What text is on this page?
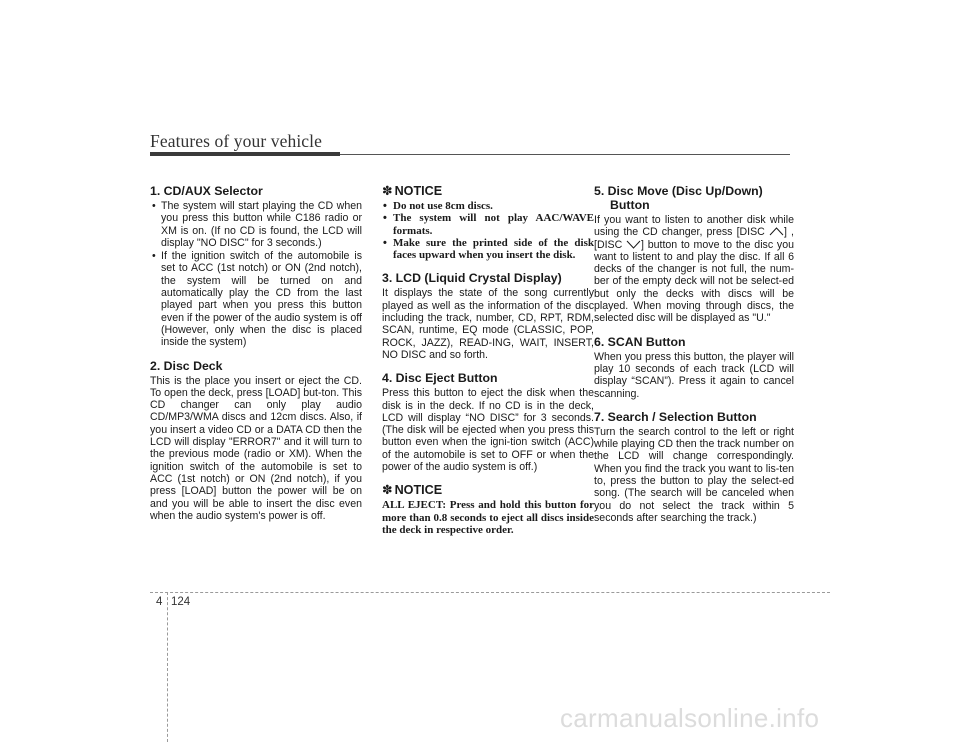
Features of your vehicle
1. CD/AUX Selector
• The system will start playing the CD when you press this button while C186 radio or XM is on. (If no CD is found, the LCD will display "NO DISC" for 3 seconds.)
• If the ignition switch of the automobile is set to ACC (1st notch) or ON (2nd notch), the system will be turned on and automatically play the CD from the last played part when you press this button even if the power of the audio system is off (However, only when the disc is placed inside the system)
2. Disc Deck

This is the place you insert or eject the CD. To open the deck, press [LOAD] but-ton. This CD changer can only play audio CD/MP3/WMA discs and 12cm discs. Also, if you insert a video CD or a DATA CD then the LCD will display "ERROR7" and it will turn to the previous mode (radio or XM). When the ignition switch of the automobile is set to ACC (1st notch) or ON (2nd notch), if you press [LOAD] button the power will be on and you will be able to insert the disc even when the audio system's power is off.

✽ NOTICE
• Do not use 8cm discs.
• The system will not play AAC/WAVE formats.
• Make sure the printed side of the disk faces upward when you insert the disk.
3. LCD (Liquid Crystal Display)

It displays the state of the song currently played as well as the information of the disc including the track, number, CD, RPT, RDM, SCAN, runtime, EQ mode (CLASSIC, POP, ROCK, JAZZ), READ-ING, WAIT, INSERT, NO DISC and so forth.

4. Disc Eject Button

Press this button to eject the disk when the disk is in the deck. If no CD is in the deck, LCD will display “NO DISC” for 3 seconds. (The disk will be ejected when you press this button even when the igni-tion switch (ACC) of the automobile is set to OFF or when the power of the audio system is off.)

✽ NOTICE

ALL EJECT: Press and hold this button for more than 0.8 seconds to eject all discs inside the deck in respective order.

5. Disc Move (Disc Up/Down)
Button

If you want to listen to another disk while using the CD changer, press [DISC ] , [DISC ] button to move to the disc you want to listent to and play the disc. If all 6 decks of the changer is not full, the num-ber of the empty deck will not be select-ed but only the decks with discs will be played. When moving through discs, the selected disc will be displayed as "U."

6. SCAN Button

When you press this button, the player will play 10 seconds of each track (LCD will display “SCAN”). Press it again to cancel scanning.

7. Search / Selection Button

Turn the search control to the left or right while playing CD then the track number on the LCD will change correspondingly. When you find the track you want to lis-ten to, press the button to play the select-ed song. (The search will be canceled when you do not select the track within 5 seconds after searching the track.)

4 124
carmanualsonline.info
